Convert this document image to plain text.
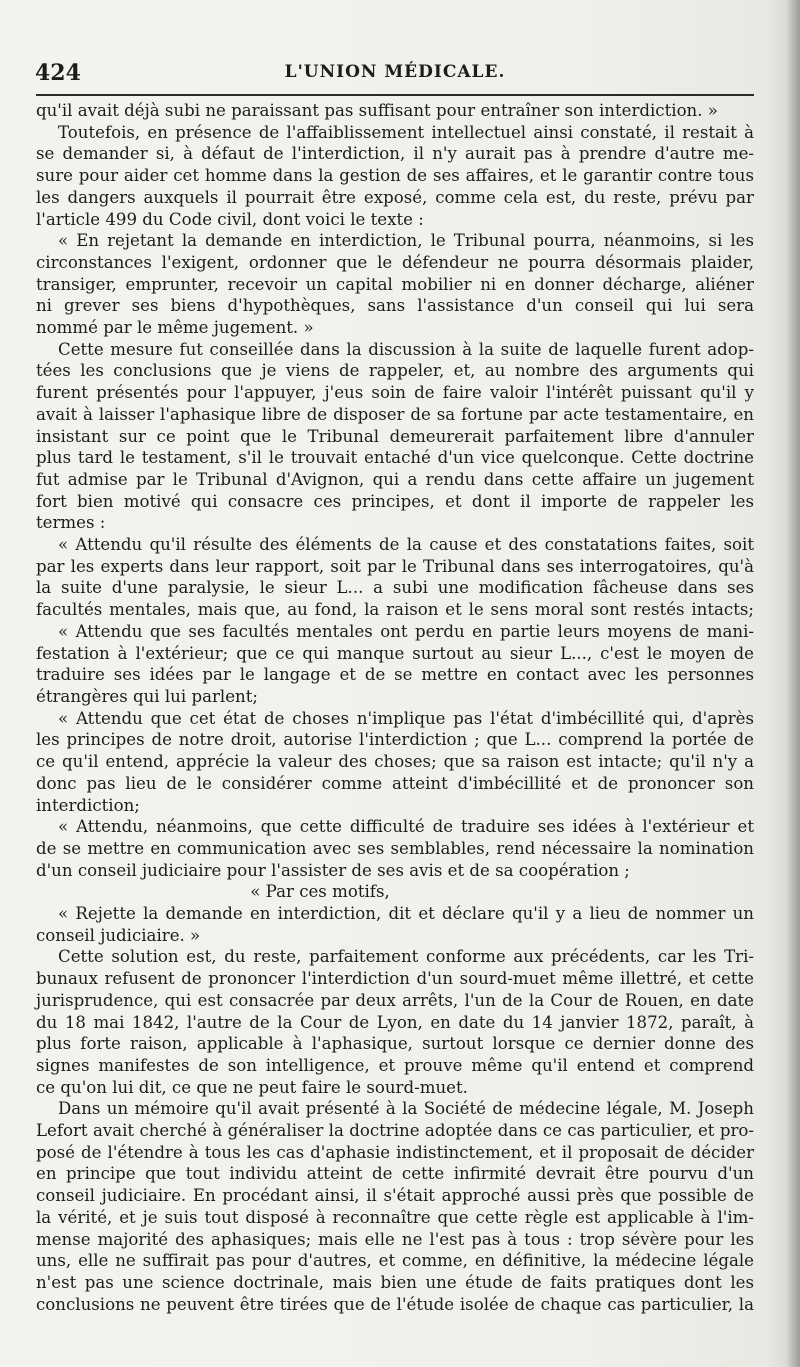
424	L'UNION MÉDICALE.
qu'il avait déjà subi ne paraissant pas suffisant pour entraîner son interdiction. »
Toutefois, en présence de l'affaiblissement intellectuel ainsi constaté, il restait à
se demander si, à défaut de l'interdiction, il n'y aurait pas à prendre d'autre me-
sure pour aider cet homme dans la gestion de ses affaires, et le garantir contre tous
les dangers auxquels il pourrait être exposé, comme cela est, du reste, prévu par
l'article 499 du Code civil, dont voici le texte :
« En rejetant la demande en interdiction, le Tribunal pourra, néanmoins, si les
circonstances l'exigent, ordonner que le défendeur ne pourra désormais plaider,
transiger, emprunter, recevoir un capital mobilier ni en donner décharge, aliéner
ni grever ses biens d'hypothèques, sans l'assistance d'un conseil qui lui sera
nommé par le même jugement. »
Cette mesure fut conseillée dans la discussion à la suite de laquelle furent adop-
tées les conclusions que je viens de rappeler, et, au nombre des arguments qui
furent présentés pour l'appuyer, j'eus soin de faire valoir l'intérêt puissant qu'il y
avait à laisser l'aphasique libre de disposer de sa fortune par acte testamentaire, en
insistant sur ce point que le Tribunal demeurerait parfaitement libre d'annuler
plus tard le testament, s'il le trouvait entaché d'un vice quelconque. Cette doctrine
fut admise par le Tribunal d'Avignon, qui a rendu dans cette affaire un jugement
fort bien motivé qui consacre ces principes, et dont il importe de rappeler les
termes :
« Attendu qu'il résulte des éléments de la cause et des constatations faites, soit
par les experts dans leur rapport, soit par le Tribunal dans ses interrogatoires, qu'à
la suite d'une paralysie, le sieur L... a subi une modification fâcheuse dans ses
facultés mentales, mais que, au fond, la raison et le sens moral sont restés intacts;
« Attendu que ses facultés mentales ont perdu en partie leurs moyens de mani-
festation à l'extérieur; que ce qui manque surtout au sieur L..., c'est le moyen de
traduire ses idées par le langage et de se mettre en contact avec les personnes
étrangères qui lui parlent;
« Attendu que cet état de choses n'implique pas l'état d'imbécillité qui, d'après
les principes de notre droit, autorise l'interdiction ; que L... comprend la portée de
ce qu'il entend, apprécie la valeur des choses; que sa raison est intacte; qu'il n'y a
donc pas lieu de le considérer comme atteint d'imbécillité et de prononcer son
interdiction;
« Attendu, néanmoins, que cette difficulté de traduire ses idées à l'extérieur et
de se mettre en communication avec ses semblables, rend nécessaire la nomination
d'un conseil judiciaire pour l'assister de ses avis et de sa coopération ;
« Par ces motifs,
« Rejette la demande en interdiction, dit et déclare qu'il y a lieu de nommer un
conseil judiciaire. »
Cette solution est, du reste, parfaitement conforme aux précédents, car les Tri-
bunaux refusent de prononcer l'interdiction d'un sourd-muet même illettré, et cette
jurisprudence, qui est consacrée par deux arrêts, l'un de la Cour de Rouen, en date
du 18 mai 1842, l'autre de la Cour de Lyon, en date du 14 janvier 1872, paraît, à
plus forte raison, applicable à l'aphasique, surtout lorsque ce dernier donne des
signes manifestes de son intelligence, et prouve même qu'il entend et comprend
ce qu'on lui dit, ce que ne peut faire le sourd-muet.
Dans un mémoire qu'il avait présenté à la Société de médecine légale, M. Joseph
Lefort avait cherché à généraliser la doctrine adoptée dans ce cas particulier, et pro-
posé de l'étendre à tous les cas d'aphasie indistinctement, et il proposait de décider
en principe que tout individu atteint de cette infirmité devrait être pourvu d'un
conseil judiciaire. En procédant ainsi, il s'était approché aussi près que possible de
la vérité, et je suis tout disposé à reconnaître que cette règle est applicable à l'im-
mense majorité des aphasiques; mais elle ne l'est pas à tous : trop sévère pour les
uns, elle ne suffirait pas pour d'autres, et comme, en définitive, la médecine légale
n'est pas une science doctrinale, mais bien une étude de faits pratiques dont les
conclusions ne peuvent être tirées que de l'étude isolée de chaque cas particulier, la
